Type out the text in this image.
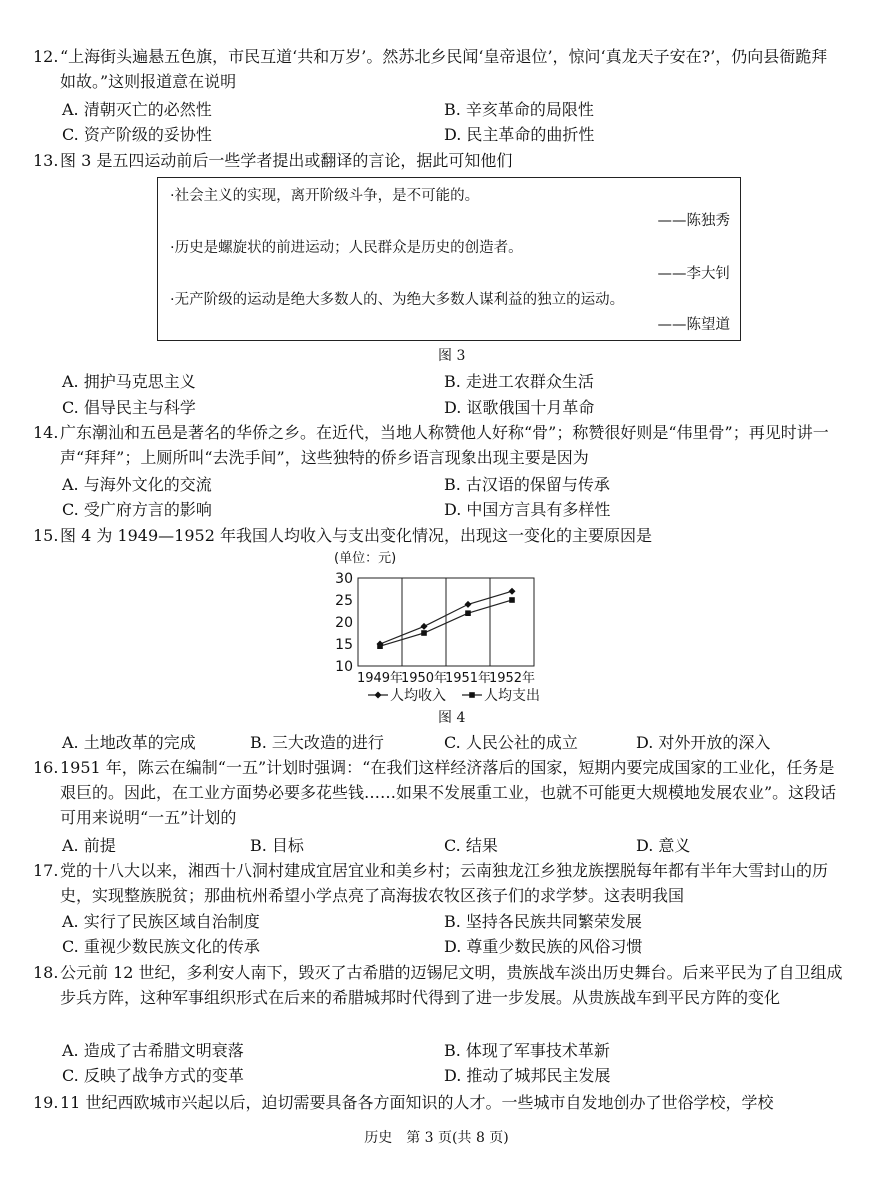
12. “上海街头遍悬五色旗，市民互道‘共和万岁’。然苏北乡民闻‘皇帝退位’，惊问‘真龙天子安在?’，仍向县衙跪拜如故。”这则报道意在说明
A. 清朝灭亡的必然性	B. 辛亥革命的局限性
C. 资产阶级的妥协性	D. 民主革命的曲折性
13. 图 3 是五四运动前后一些学者提出或翻译的言论，据此可知他们
·社会主义的实现，离开阶级斗争，是不可能的。
——陈独秀
·历史是螺旋状的前进运动；人民群众是历史的创造者。
——李大钊
·无产阶级的运动是绝大多数人的、为绝大多数人谋利益的独立的运动。
——陈望道
图 3
A. 拥护马克思主义	B. 走进工农群众生活
C. 倡导民主与科学	D. 讴歌俄国十月革命
14. 广东潮汕和五邑是著名的华侨之乡。在近代，当地人称赞他人好称“骨”；称赞很好则是“伟里骨”；再见时讲一声“拜拜”；上厕所叫“去洗手间”，这些独特的侨乡语言现象出现主要是因为
A. 与海外文化的交流	B. 古汉语的保留与传承
C. 受广府方言的影响	D. 中国方言具有多样性
15. 图 4 为 1949—1952 年我国人均收入与支出变化情况，出现这一变化的主要原因是
(单位：元)
10
15
20
25
30
1949年
1950年
1951年
1952年
人均收入	人均支出
图 4
A. 土地改革的完成	B. 三大改造的进行	C. 人民公社的成立	D. 对外开放的深入
16. 1951 年，陈云在编制“一五”计划时强调：“在我们这样经济落后的国家，短期内要完成国家的工业化，任务是艰巨的。因此，在工业方面势必要多花些钱……如果不发展重工业，也就不可能更大规模地发展农业”。这段话可用来说明“一五”计划的
A. 前提	B. 目标	C. 结果	D. 意义
17. 党的十八大以来，湘西十八洞村建成宜居宜业和美乡村；云南独龙江乡独龙族摆脱每年都有半年大雪封山的历史，实现整族脱贫；那曲杭州希望小学点亮了高海拔农牧区孩子们的求学梦。这表明我国
A. 实行了民族区域自治制度	B. 坚持各民族共同繁荣发展
C. 重视少数民族文化的传承	D. 尊重少数民族的风俗习惯
18. 公元前 12 世纪，多利安人南下，毁灭了古希腊的迈锡尼文明，贵族战车淡出历史舞台。后来平民为了自卫组成步兵方阵，这种军事组织形式在后来的希腊城邦时代得到了进一步发展。从贵族战车到平民方阵的变化
A. 造成了古希腊文明衰落	B. 体现了军事技术革新
C. 反映了战争方式的变革	D. 推动了城邦民主发展
19. 11 世纪西欧城市兴起以后，迫切需要具备各方面知识的人才。一些城市自发地创办了世俗学校，学校
历史　第 3 页(共 8 页)
